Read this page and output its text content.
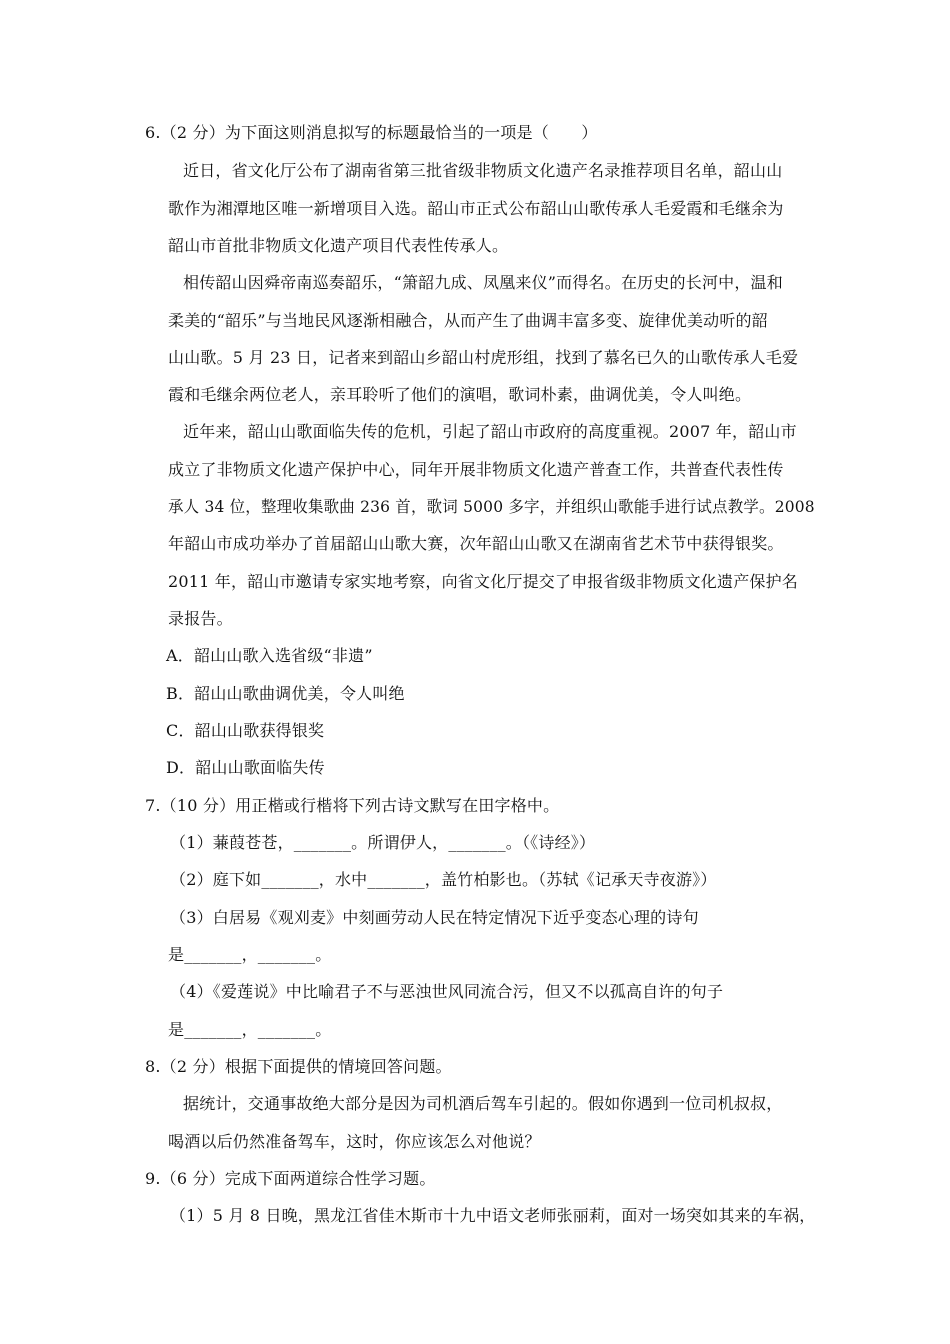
6.（2 分）为下面这则消息拟写的标题最恰当的一项是（　　）
近日，省文化厅公布了湖南省第三批省级非物质文化遗产名录推荐项目名单，韶山山
歌作为湘潭地区唯一新增项目入选。韶山市正式公布韶山山歌传承人毛爱霞和毛继余为
韶山市首批非物质文化遗产项目代表性传承人。
相传韶山因舜帝南巡奏韶乐，“箫韶九成、凤凰来仪”而得名。在历史的长河中，温和
柔美的“韶乐”与当地民风逐渐相融合，从而产生了曲调丰富多变、旋律优美动听的韶
山山歌。5 月 23 日，记者来到韶山乡韶山村虎形组，找到了慕名已久的山歌传承人毛爱
霞和毛继余两位老人，亲耳聆听了他们的演唱，歌词朴素，曲调优美，令人叫绝。
近年来，韶山山歌面临失传的危机，引起了韶山市政府的高度重视。2007 年，韶山市
成立了非物质文化遗产保护中心，同年开展非物质文化遗产普查工作，共普查代表性传
承人 34 位，整理收集歌曲 236 首，歌词 5000 多字，并组织山歌能手进行试点教学。2008
年韶山市成功举办了首届韶山山歌大赛，次年韶山山歌又在湖南省艺术节中获得银奖。
2011 年，韶山市邀请专家实地考察，向省文化厅提交了申报省级非物质文化遗产保护名
录报告。
A．韶山山歌入选省级“非遗”
B．韶山山歌曲调优美，令人叫绝
C．韶山山歌获得银奖
D．韶山山歌面临失传
7.（10 分）用正楷或行楷将下列古诗文默写在田字格中。
（1）蒹葭苍苍，_______。所谓伊人，_______。（《诗经》）
（2）庭下如_______，水中_______，盖竹柏影也。（苏轼《记承天寺夜游》）
（3）白居易《观刈麦》中刻画劳动人民在特定情况下近乎变态心理的诗句
是_______，_______。
（4）《爱莲说》中比喻君子不与恶浊世风同流合污，但又不以孤高自许的句子
是_______，_______。
8.（2 分）根据下面提供的情境回答问题。
据统计，交通事故绝大部分是因为司机酒后驾车引起的。假如你遇到一位司机叔叔，
喝酒以后仍然准备驾车，这时，你应该怎么对他说？
9.（6 分）完成下面两道综合性学习题。
（1）5 月 8 日晚，黑龙江省佳木斯市十九中语文老师张丽莉，面对一场突如其来的车祸，
